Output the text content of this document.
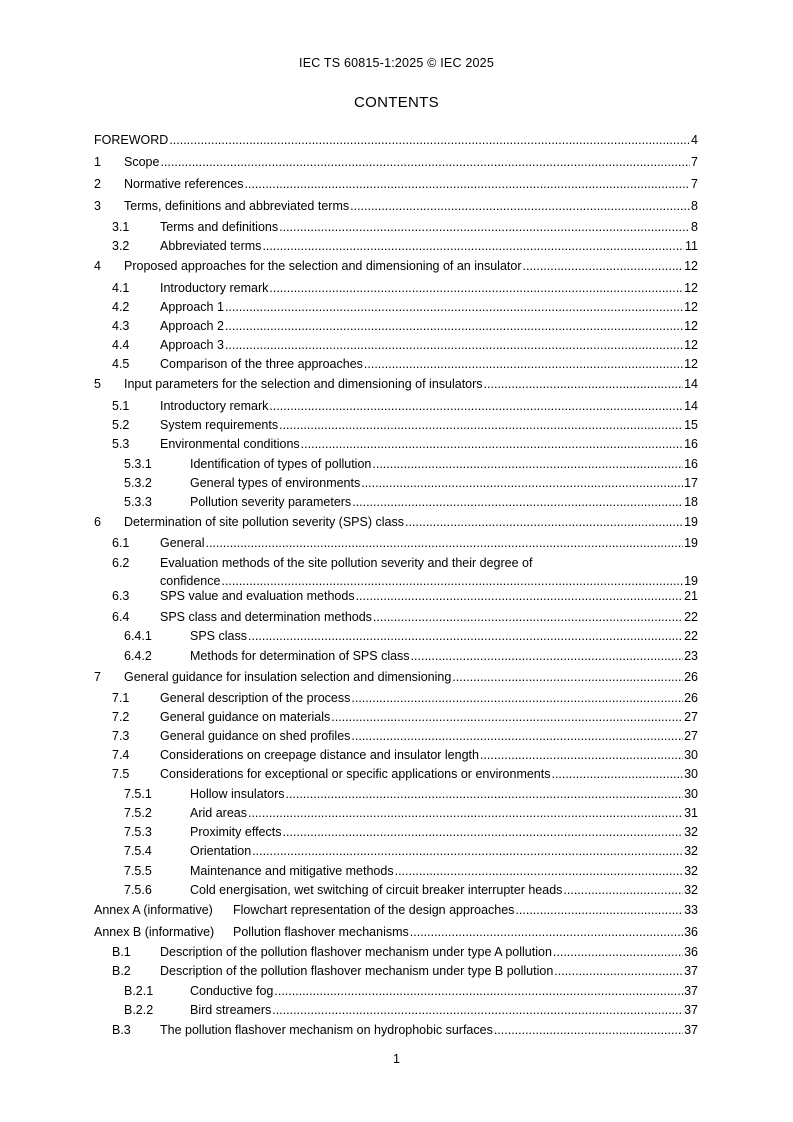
IEC TS 60815-1:2025 © IEC 2025
CONTENTS
FOREWORD .....	4
1 Scope .....	7
2 Normative references .....	7
3 Terms, definitions and abbreviated terms .....	8
3.1 Terms and definitions .....	8
3.2 Abbreviated terms .....	11
4 Proposed approaches for the selection and dimensioning of an insulator .....	12
4.1 Introductory remark .....	12
4.2 Approach 1 .....	12
4.3 Approach 2 .....	12
4.4 Approach 3 .....	12
4.5 Comparison of the three approaches .....	12
5 Input parameters for the selection and dimensioning of insulators .....	14
5.1 Introductory remark .....	14
5.2 System requirements .....	15
5.3 Environmental conditions .....	16
5.3.1	Identification of types of pollution .....	16
5.3.2	General types of environments .....	17
5.3.3	Pollution severity parameters .....	18
6 Determination of site pollution severity (SPS) class .....	19
6.1 General .....	19
6.2	Evaluation methods of the site pollution severity and their degree of
confidence .....	19
6.3 SPS value and evaluation methods .....	21
6.4 SPS class and determination methods .....	22
6.4.1	SPS class .....	22
6.4.2	Methods for determination of SPS class .....	23
7 General guidance for insulation selection and dimensioning .....	26
7.1 General description of the process .....	26
7.2 General guidance on materials .....	27
7.3 General guidance on shed profiles .....	27
7.4 Considerations on creepage distance and insulator length .....	30
7.5 Considerations for exceptional or specific applications or environments .....	30
7.5.1	Hollow insulators .....	30
7.5.2	Arid areas .....	31
7.5.3	Proximity effects .....	32
7.5.4	Orientation .....	32
7.5.5	Maintenance and mitigative methods .....	32
7.5.6	Cold energisation, wet switching of circuit breaker interrupter heads .....	32
Annex A (informative) Flowchart representation of the design approaches .....	33
Annex B (informative) Pollution flashover mechanisms .....	36
B.1 Description of the pollution flashover mechanism under type A pollution .....	36
B.2 Description of the pollution flashover mechanism under type B pollution .....	37
B.2.1	Conductive fog .....	37
B.2.2	Bird streamers .....	37
B.3 The pollution flashover mechanism on hydrophobic surfaces .....	37
1
